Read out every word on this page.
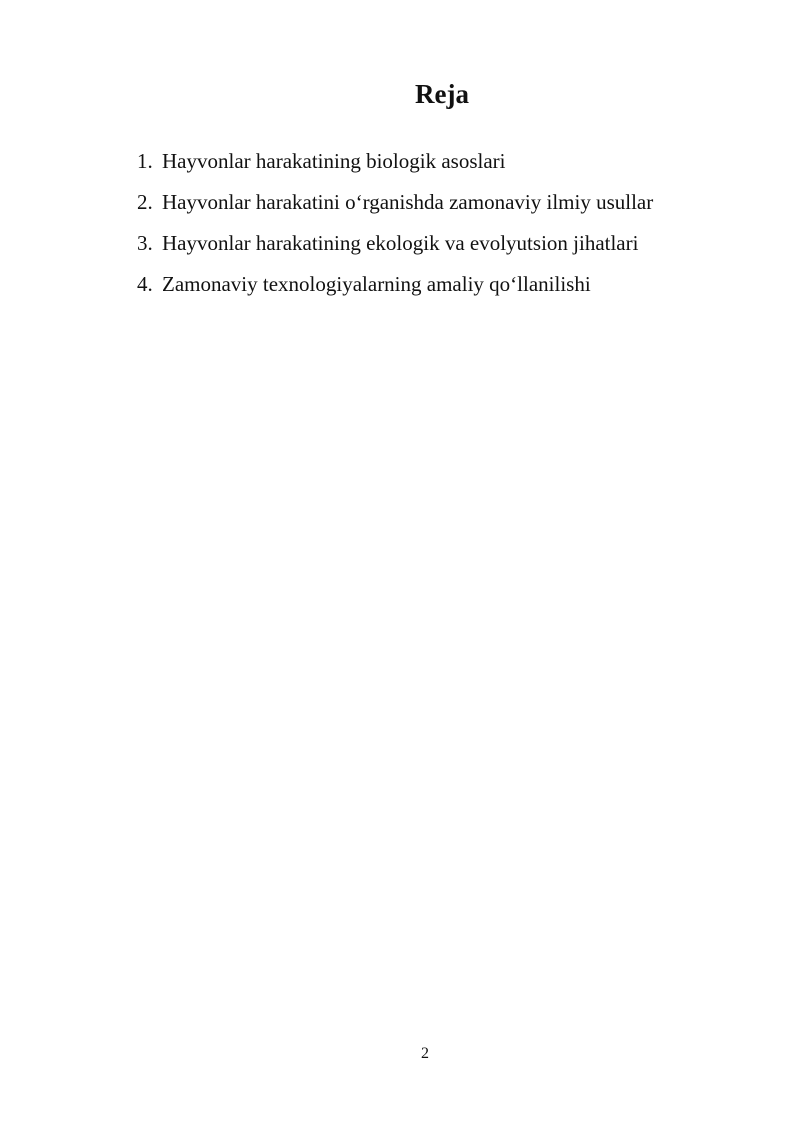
Reja
1. Hayvonlar harakatining biologik asoslari
2. Hayvonlar harakatini o‘rganishda zamonaviy ilmiy usullar
3. Hayvonlar harakatining ekologik va evolyutsion jihatlari
4. Zamonaviy texnologiyalarning amaliy qo‘llanilishi
2
